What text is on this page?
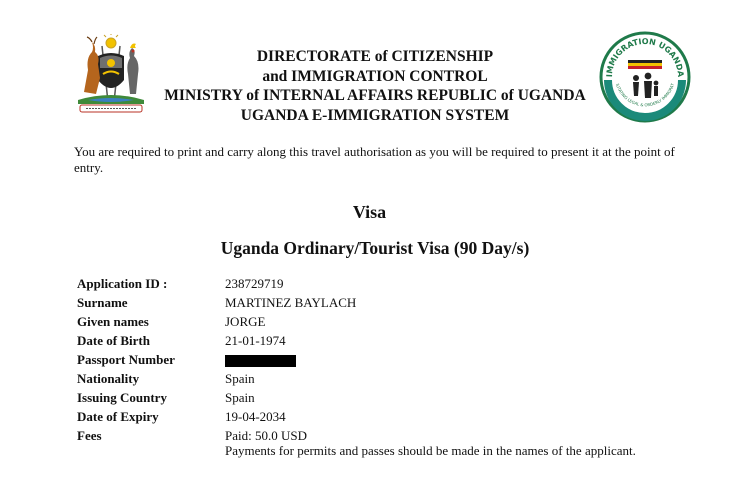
DIRECTORATE of CITIZENSHIP
and IMMIGRATION CONTROL
MINISTRY of INTERNAL AFFAIRS REPUBLIC of UGANDA
UGANDA E-IMMIGRATION SYSTEM
IMMIGRATION UGANDA
ILITATING LEGAL & ORDERLY IMMIGRAT
You are required to print and carry along this travel authorisation as you will be required to present it at the point of entry.
Visa
Uganda Ordinary/Tourist Visa (90 Day/s)
Application ID :	238729719
Surname	MARTINEZ BAYLACH
Given names	JORGE
Date of Birth	21-01-1974
Passport Number
Nationality	Spain
Issuing Country	Spain
Date of Expiry	19-04-2034
Fees	Paid: 50.0 USD
Payments for permits and passes should be made in the names of the applicant.
